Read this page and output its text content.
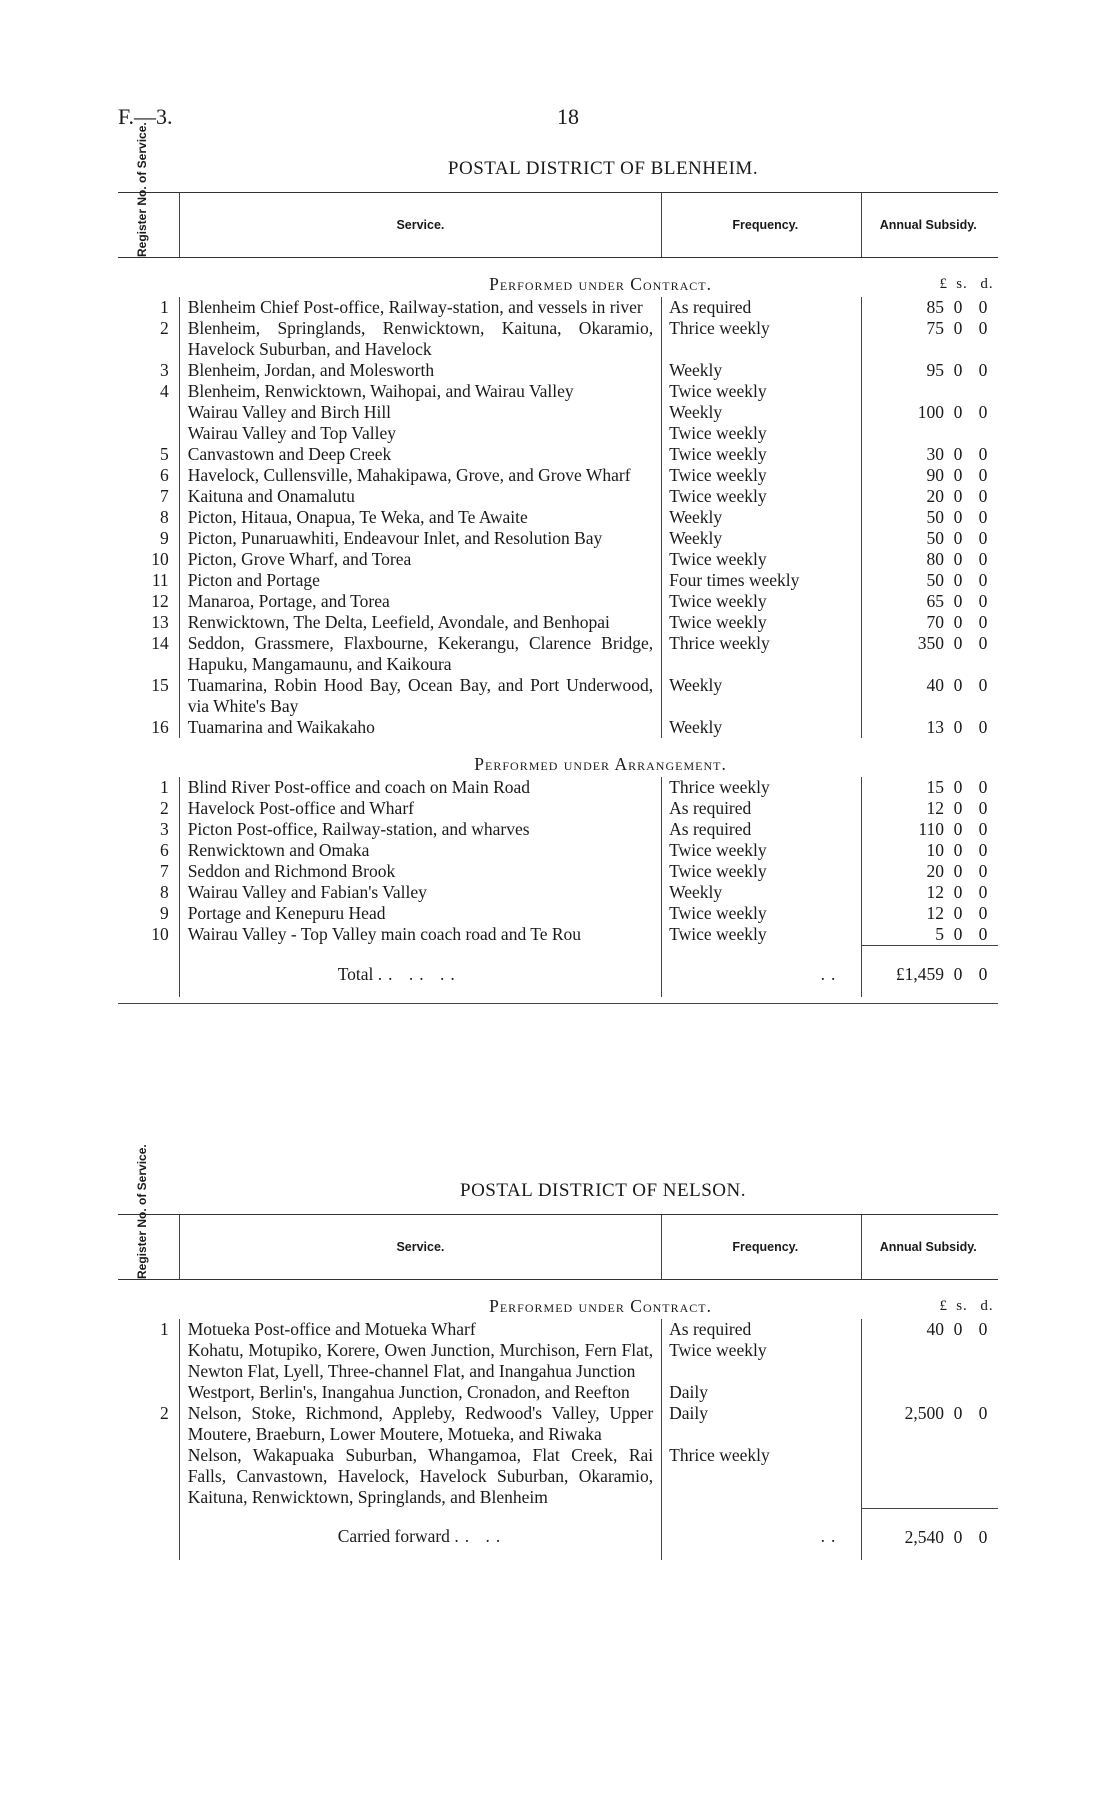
F.—3.	18
POSTAL DISTRICT OF BLENHEIM.
Register No. of Service.	Service.	Frequency.	Annual Subsidy.
	Performed under Contract.		£ s. d.
1	Blenheim Chief Post-office, Railway-station, and vessels in river	As required	85 0 0
2	Blenheim, Springlands, Renwicktown, Kaituna, Okaramio, Havelock Suburban, and Havelock	Thrice weekly	75 0 0
3	Blenheim, Jordan, and Molesworth	Weekly	95 0 0
4	Blenheim, Renwicktown, Waihopai, and Wairau Valley	Twice weekly	
	Wairau Valley and Birch Hill	Weekly	100 0 0
	Wairau Valley and Top Valley	Twice weekly	
5	Canvastown and Deep Creek	Twice weekly	30 0 0
6	Havelock, Cullensville, Mahakipawa, Grove, and Grove Wharf	Twice weekly	90 0 0
7	Kaituna and Onamalutu	Twice weekly	20 0 0
8	Picton, Hitaua, Onapua, Te Weka, and Te Awaite	Weekly	50 0 0
9	Picton, Punaruawhiti, Endeavour Inlet, and Resolution Bay	Weekly	50 0 0
10	Picton, Grove Wharf, and Torea	Twice weekly	80 0 0
11	Picton and Portage	Four times weekly	50 0 0
12	Manaroa, Portage, and Torea	Twice weekly	65 0 0
13	Renwicktown, The Delta, Leefield, Avondale, and Benhopai	Twice weekly	70 0 0
14	Seddon, Grassmere, Flaxbourne, Kekerangu, Clarence Bridge, Hapuku, Mangamaunu, and Kaikoura	Thrice weekly	350 0 0
15	Tuamarina, Robin Hood Bay, Ocean Bay, and Port Underwood, via White's Bay	Weekly	40 0 0
16	Tuamarina and Waikakaho	Weekly	13 0 0
	Performed under Arrangement.		
1	Blind River Post-office and coach on Main Road	Thrice weekly	15 0 0
2	Havelock Post-office and Wharf	As required	12 0 0
3	Picton Post-office, Railway-station, and wharves	As required	110 0 0
6	Renwicktown and Omaka	Twice weekly	10 0 0
7	Seddon and Richmond Brook	Twice weekly	20 0 0
8	Wairau Valley and Fabian's Valley	Weekly	12 0 0
9	Portage and Kenepuru Head	Twice weekly	12 0 0
10	Wairau Valley - Top Valley main coach road and Te Rou	Twice weekly	5 0 0
	Total .. .. ..	..	£1,459 0 0

POSTAL DISTRICT OF NELSON.
Register No. of Service.	Service.	Frequency.	Annual Subsidy.
	Performed under Contract.		£ s. d.
1	Motueka Post-office and Motueka Wharf	As required	40 0 0
	Kohatu, Motupiko, Korere, Owen Junction, Murchison, Fern Flat, Newton Flat, Lyell, Three-channel Flat, and Inangahua Junction	Twice weekly	
	Westport, Berlin's, Inangahua Junction, Cronadon, and Reefton	Daily	
2	Nelson, Stoke, Richmond, Appleby, Redwood's Valley, Upper Moutere, Braeburn, Lower Moutere, Motueka, and Riwaka	Daily	2,500 0 0
	Nelson, Wakapuaka Suburban, Whangamoa, Flat Creek, Rai Falls, Canvastown, Havelock, Havelock Suburban, Okaramio, Kaituna, Renwicktown, Springlands, and Blenheim	Thrice weekly	
	Carried forward .. ..	..	2,540 0 0
